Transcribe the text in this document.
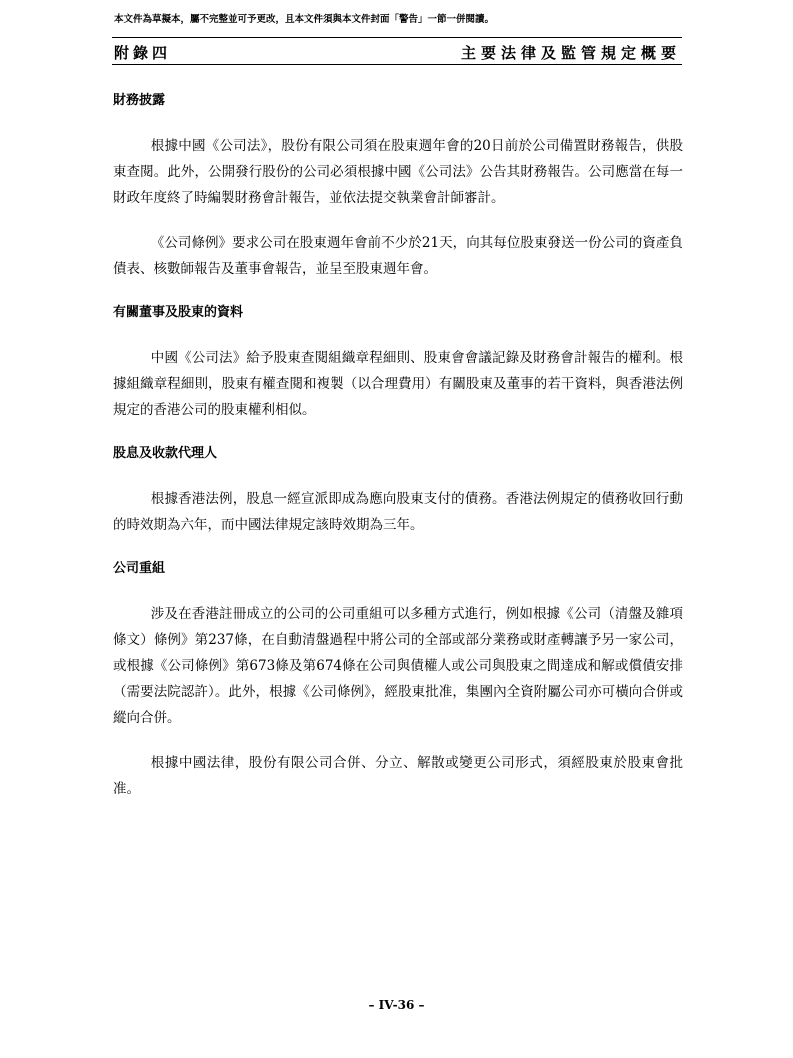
本文件為草擬本，屬不完整並可予更改，且本文件須與本文件封面「警告」一節一併閱讀。
附錄四	主要法律及監管規定概要
財務披露

根據中國《公司法》，股份有限公司須在股東週年會的20日前於公司備置財務報告，供股東查閱。此外，公開發行股份的公司必須根據中國《公司法》公告其財務報告。公司應當在每一財政年度終了時編製財務會計報告，並依法提交執業會計師審計。

《公司條例》要求公司在股東週年會前不少於21天，向其每位股東發送一份公司的資產負債表、核數師報告及董事會報告，並呈至股東週年會。

有關董事及股東的資料

中國《公司法》給予股東查閱組織章程細則、股東會會議記錄及財務會計報告的權利。根據組織章程細則，股東有權查閱和複製（以合理費用）有關股東及董事的若干資料，與香港法例規定的香港公司的股東權利相似。

股息及收款代理人

根據香港法例，股息一經宣派即成為應向股東支付的債務。香港法例規定的債務收回行動的時效期為六年，而中國法律規定該時效期為三年。

公司重組

涉及在香港註冊成立的公司的公司重組可以多種方式進行，例如根據《公司（清盤及雜項條文）條例》第237條，在自動清盤過程中將公司的全部或部分業務或財產轉讓予另一家公司，或根據《公司條例》第673條及第674條在公司與債權人或公司與股東之間達成和解或償債安排（需要法院認許）。此外，根據《公司條例》，經股東批准，集團內全資附屬公司亦可橫向合併或縱向合併。

根據中國法律，股份有限公司合併、分立、解散或變更公司形式，須經股東於股東會批准。

– IV-36 –
